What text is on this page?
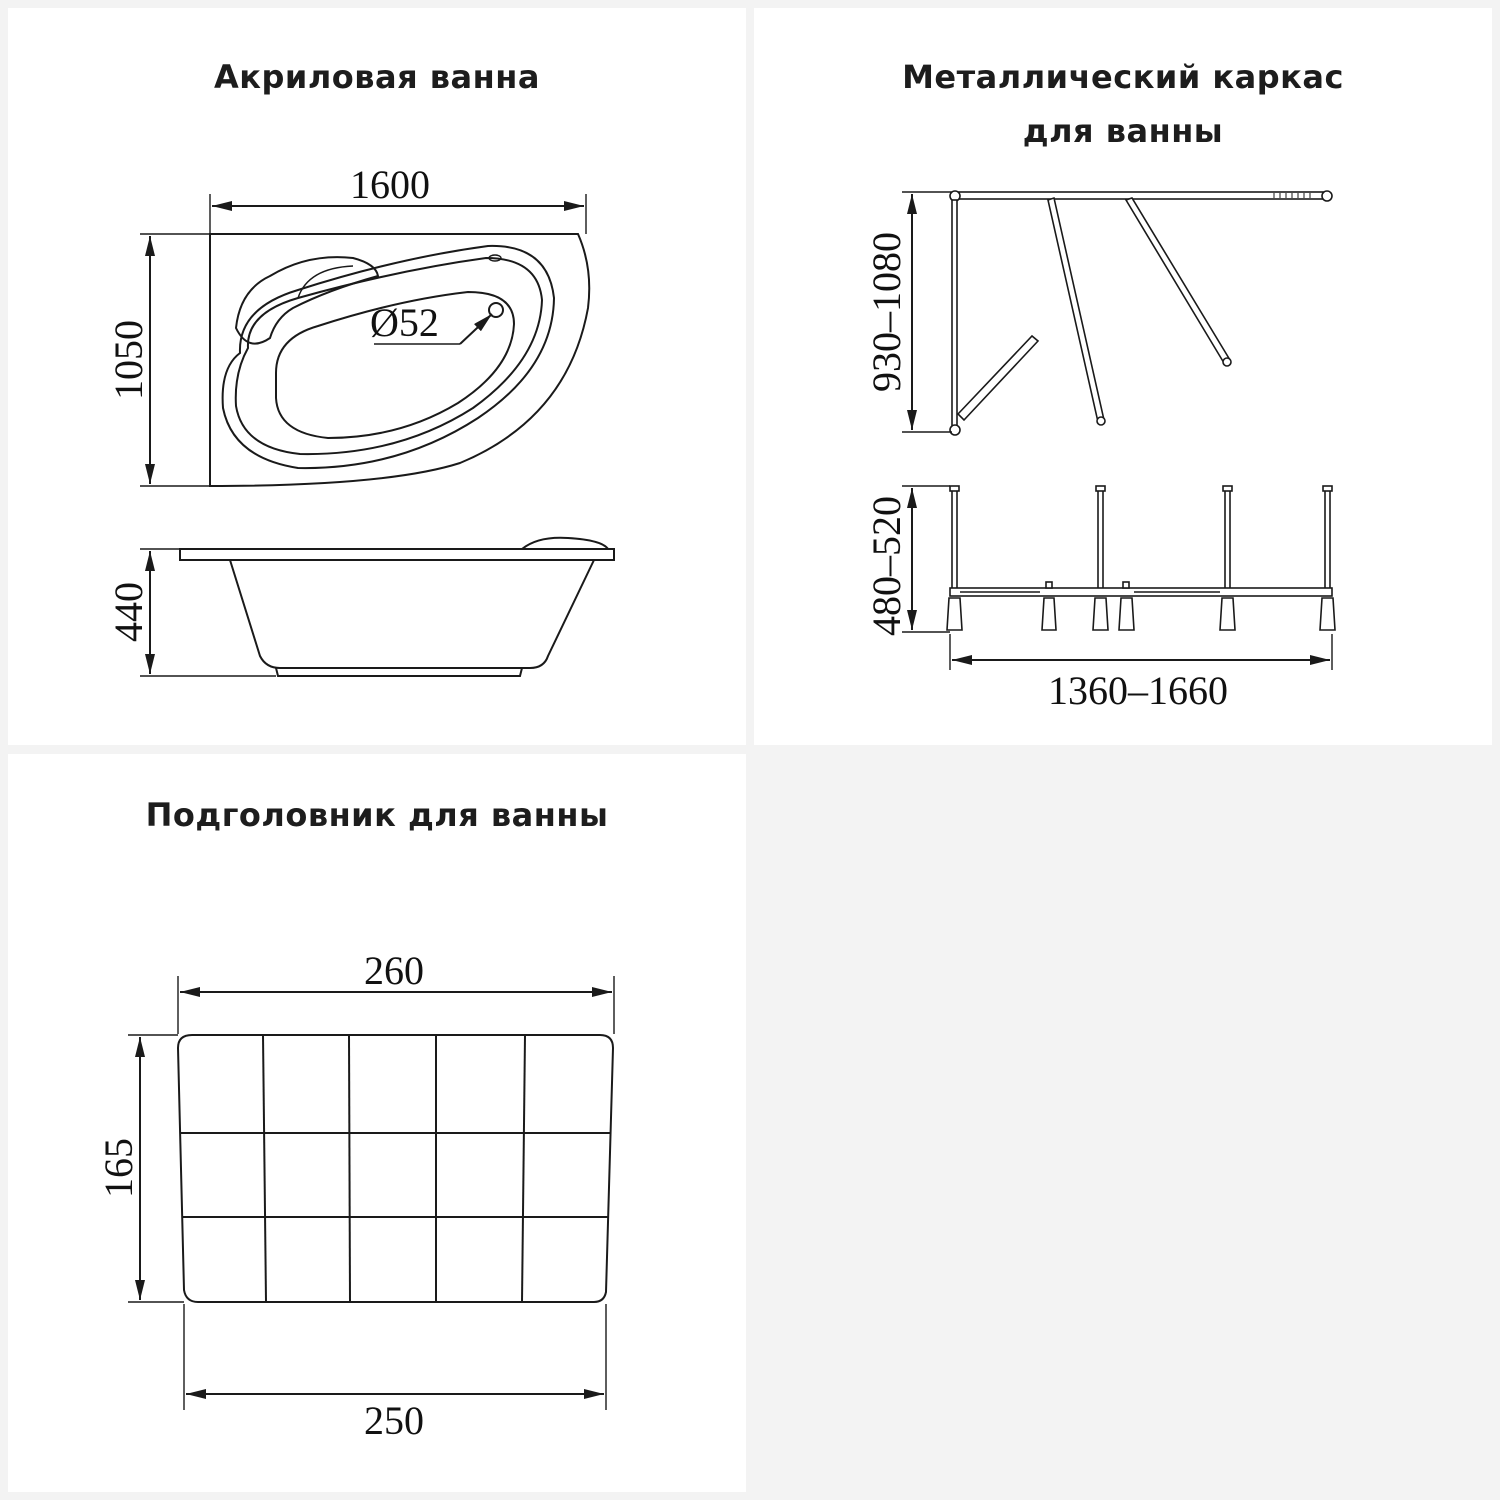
Акриловая ванна
Ø52
1600
1050
440
Металлический каркас
для ванны
930–1080
480–520
1360–1660
Подголовник для ванны
260
165
250
